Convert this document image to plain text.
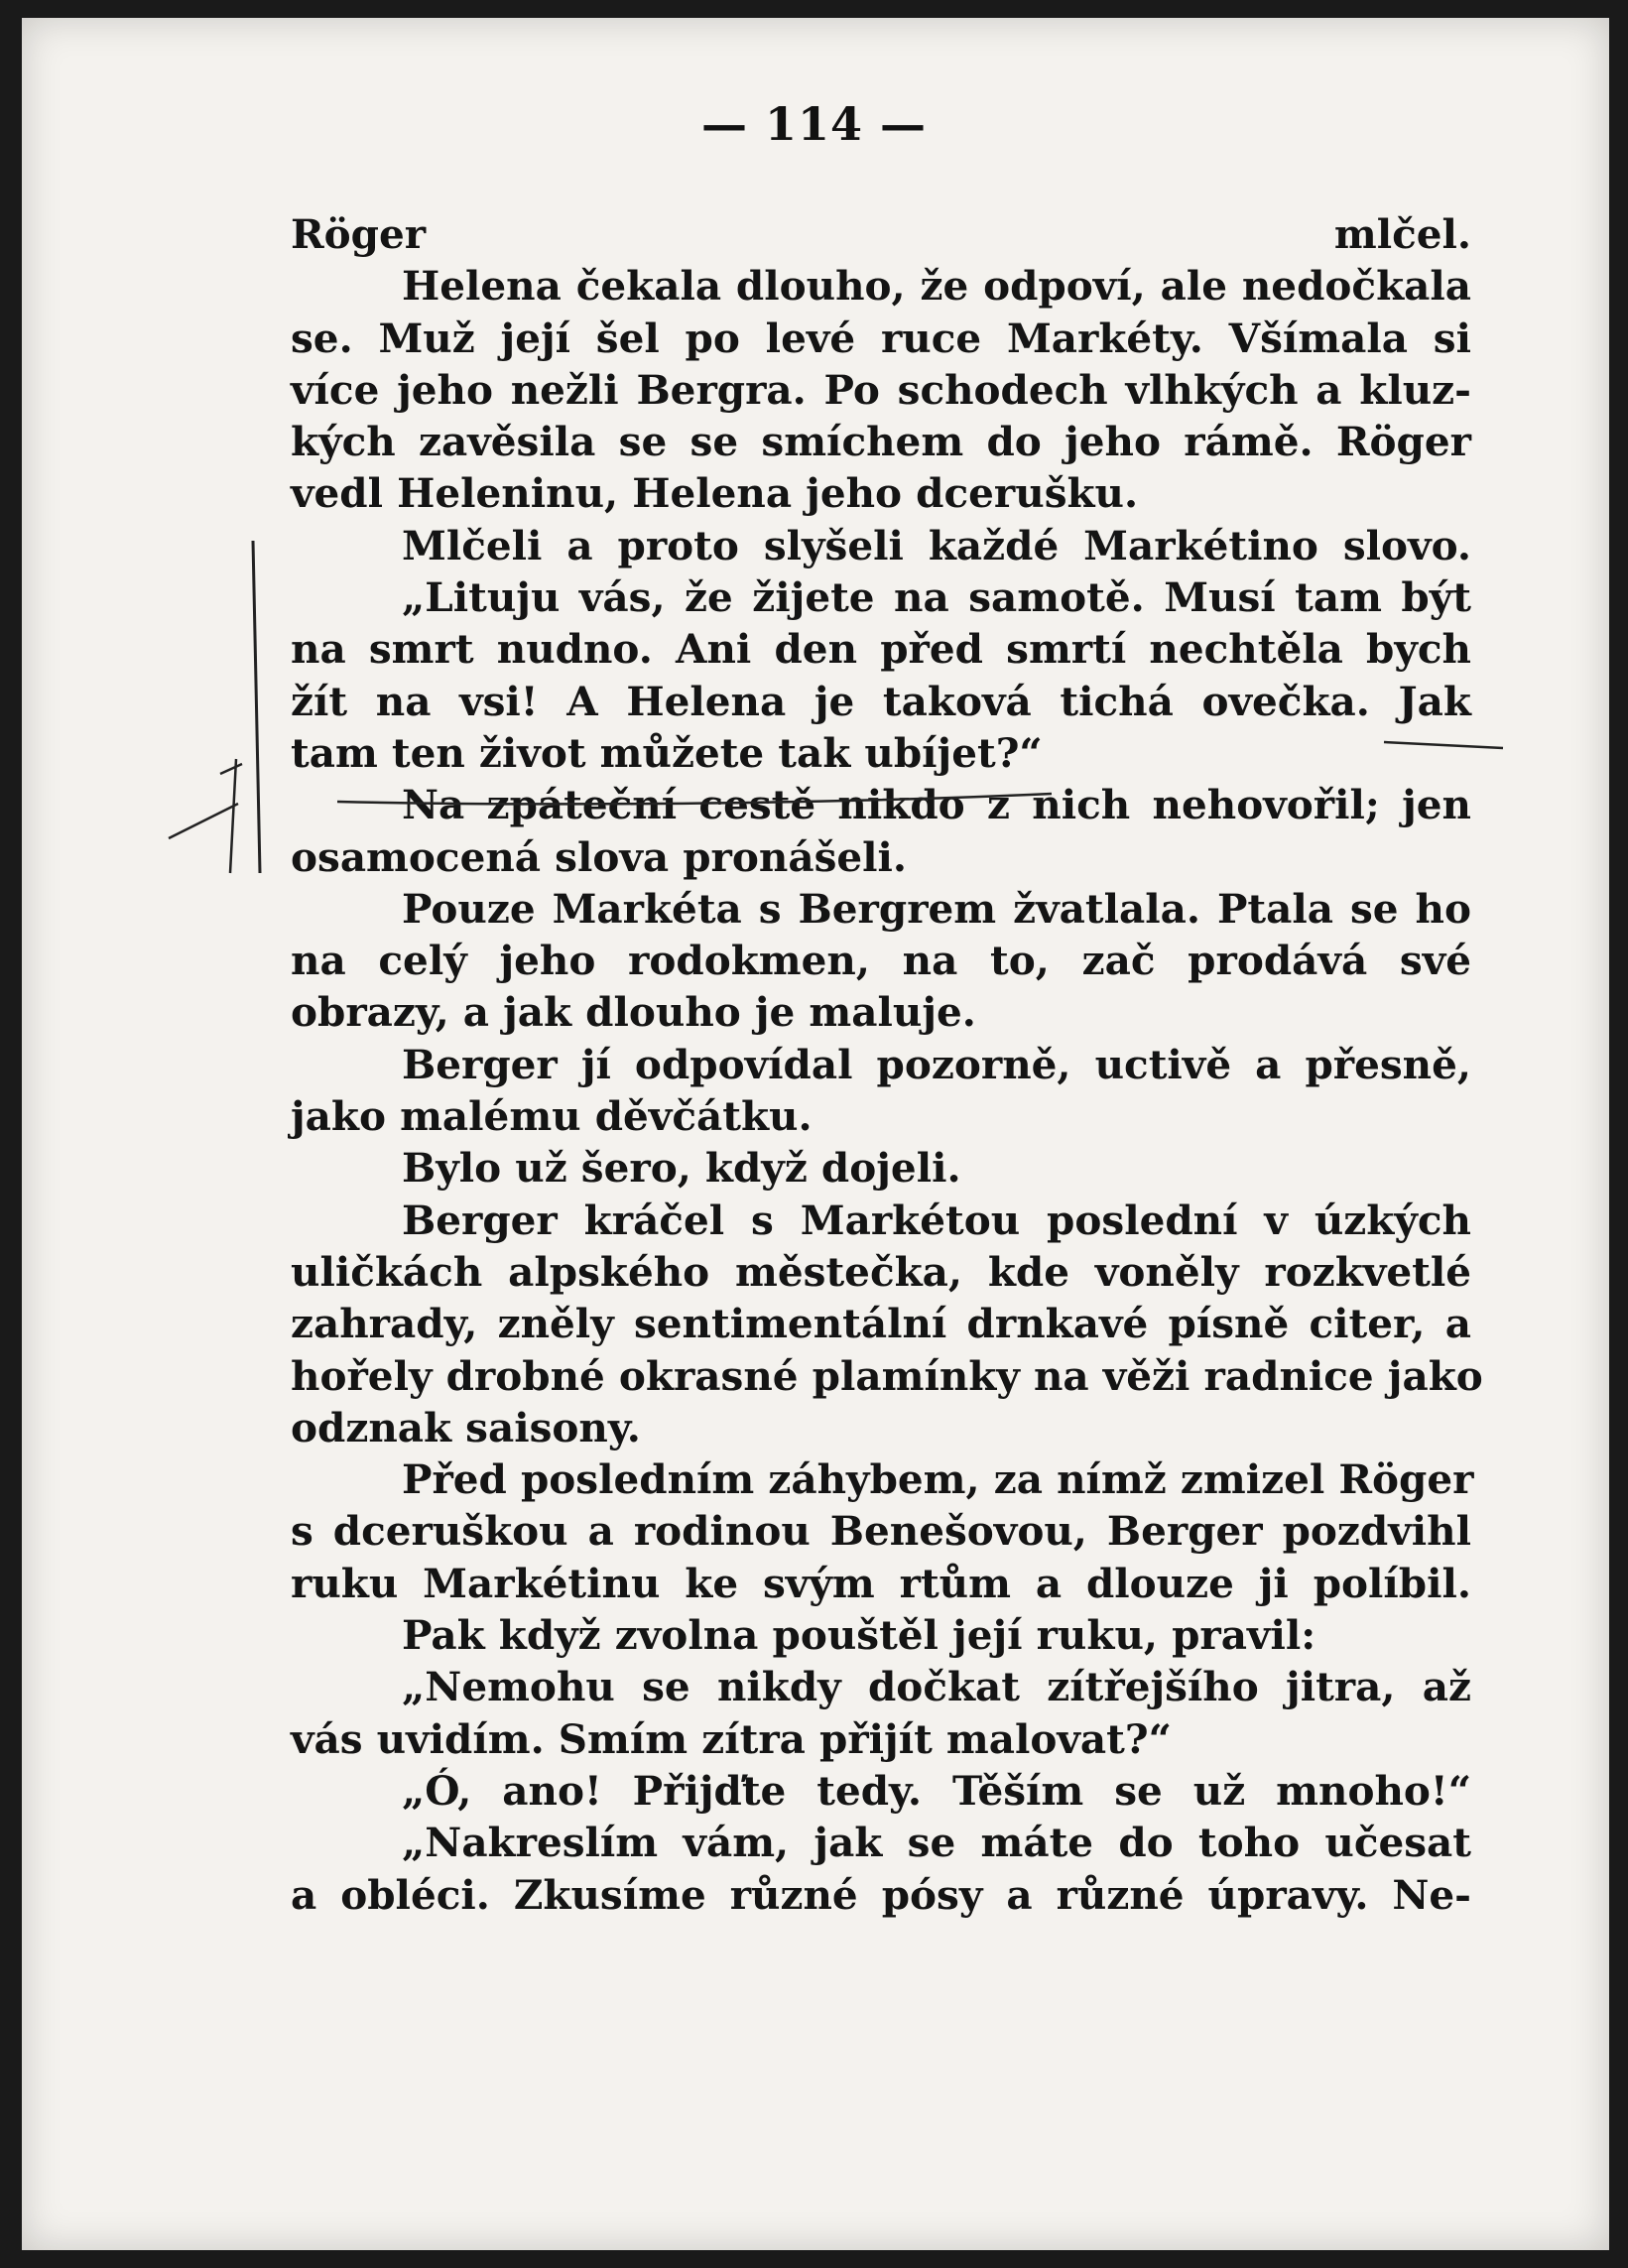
— 114 —
Röger mlčel.
Helena čekala dlouho, že odpoví, ale nedočkala
se. Muž její šel po levé ruce Markéty. Všímala si
více jeho nežli Bergra. Po schodech vlhkých a kluz-
kých zavěsila se se smíchem do jeho rámě. Röger
vedl Heleninu, Helena jeho dcerušku.
Mlčeli a proto slyšeli každé Markétino slovo.
„Lituju vás, že žijete na samotě. Musí tam být
na smrt nudno. Ani den před smrtí nechtěla bych
žít na vsi! A Helena je taková tichá ovečka. Jak
tam ten život můžete tak ubíjet?“
Na zpáteční cestě nikdo z nich nehovořil; jen
osamocená slova pronášeli.
Pouze Markéta s Bergrem žvatlala. Ptala se ho
na celý jeho rodokmen, na to, zač prodává své
obrazy, a jak dlouho je maluje.
Berger jí odpovídal pozorně, uctivě a přesně,
jako malému děvčátku.
Bylo už šero, když dojeli.
Berger kráčel s Markétou poslední v úzkých
uličkách alpského městečka, kde voněly rozkvetlé
zahrady, zněly sentimentální drnkavé písně citer, a
hořely drobné okrasné plamínky na věži radnice jako
odznak saisony.
Před posledním záhybem, za nímž zmizel Röger
s dceruškou a rodinou Benešovou, Berger pozdvihl
ruku Markétinu ke svým rtům a dlouze ji políbil.
Pak když zvolna pouštěl její ruku, pravil:
„Nemohu se nikdy dočkat zítřejšího jitra, až
vás uvidím. Smím zítra přijít malovat?“
„Ó, ano! Přijďte tedy. Těším se už mnoho!“
„Nakreslím vám, jak se máte do toho učesat
a obléci. Zkusíme různé pósy a různé úpravy. Ne-
